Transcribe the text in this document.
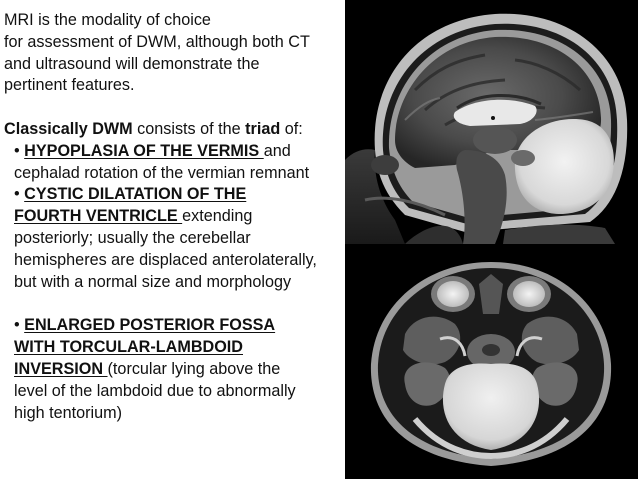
MRI is the modality of choice
for assessment of DWM, although both CT
and ultrasound will demonstrate the
pertinent features.
Classically DWM consists of the triad of:
• HYPOPLASIA OF THE VERMIS and
cephalad rotation of the vermian remnant
• CYSTIC DILATATION OF THE
FOURTH VENTRICLE extending
posteriorly; usually the cerebellar
hemispheres are displaced anterolaterally,
but with a normal size and morphology
• ENLARGED POSTERIOR FOSSA
WITH TORCULAR-LAMBDOID
INVERSION (torcular lying above the
level of the lambdoid due to abnormally
high tentorium)
